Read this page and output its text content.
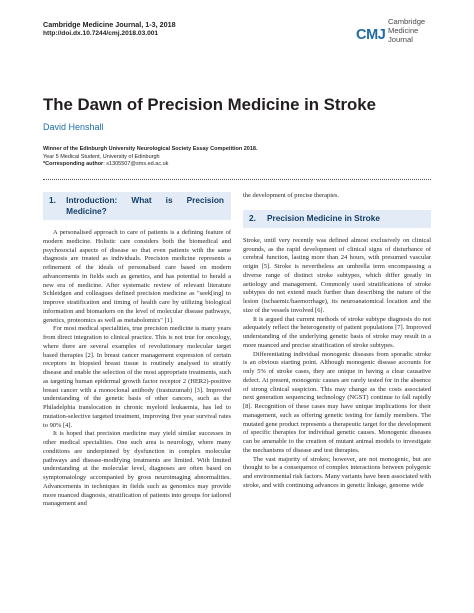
Cambridge Medicine Journal, 1-3, 2018
http://doi.dx.10.7244/cmj.2018.03.001	CMJ
Cambridge
Medicine
Journal
The Dawn of Precision Medicine in Stroke
David Henshall
Winner of the Edinburgh University Neurological Society Essay Competition 2018.
Year 5 Medical Student, University of Edinburgh
*Corresponding author: s1305507@sms.ed.ac.uk
1.	Introduction: What is Precision Medicine?

A personalised approach to care of patients is a defining feature of modern medicine. Holistic care considers both the biomedical and psychosocial aspects of disease so that even patients with the same diagnosis are treated as individuals. Precision medicine represents a refinement of the ideals of personalised care based on modern advancements in fields such as genetics, and has potential to herald a new era of medicine. After systematic review of relevant literature Schleidgen and colleagues defined precision medicine as "seek[ing] to improve stratification and timing of health care by utilizing biological information and biomarkers on the level of molecular disease pathways, genetics, proteomics as well as metabolomics" [1].

For most medical specialities, true precision medicine is many years from direct integration to clinical practice. This is not true for oncology, where there are several examples of revolutionary molecular target based therapies [2]. In breast cancer management expression of certain receptors in biopsied breast tissue is routinely analysed to stratify disease and enable the selection of the most appropriate treatments, such as targeting human epidermal growth factor receptor 2 (HER2)-positive breast cancer with a monoclonal antibody (trastuzumab) [3]. Improved understanding of the genetic basis of other cancers, such as the Philadelphia translocation in chronic myeloid leukaemia, has led to mutation-selective targeted treatment, improving five year survival rates to 90% [4].

It is hoped that precision medicine may yield similar successes in other medical specialities. One such area is neurology, where many conditions are underpinned by dysfunction in complex molecular pathways and disease-modifying treatments are limited. With limited understanding at the molecular level, diagnoses are often based on symptomatology accompanied by gross neuroimaging abnormalities. Advancements in techniques in fields such as genomics may provide more nuanced diagnosis, stratification of patients into groups for tailored management and

the development of precise therapies.

2.	Precision Medicine in Stroke

Stroke, until very recently was defined almost exclusively on clinical grounds, as the rapid development of clinical signs of disturbance of cerebral function, lasting more than 24 hours, with presumed vascular origin [5]. Stroke is nevertheless an umbrella term encompassing a diverse range of distinct stroke subtypes, which differ greatly in aetiology and management. Commonly used stratifications of stroke subtypes do not extend much further than describing the nature of the lesion (ischaemic/haemorrhage), its neuroanatomical location and the size of the vessels involved [6].

It is argued that current methods of stroke subtype diagnosis do not adequately reflect the heterogeneity of patient populations [7]. Improved understanding of the underlying genetic basis of stroke may result in a more nuanced and precise stratification of stroke subtypes.

Differentiating individual monogenic diseases from sporadic stroke is an obvious starting point. Although monogenic disease accounts for only 5% of stroke cases, they are unique in having a clear causative defect. At present, monogenic causes are rarely tested for in the absence of strong clinical suspicion. This may change as the costs associated next generation sequencing technology (NGST) continue to fall rapidly [8]. Recognition of these cases may have unique implications for their management, such as offering genetic testing for family members. The mutated gene product represents a therapeutic target for the development of specific therapies for individual genetic causes. Monogenic diseases can be amenable to the creation of mutant animal models to investigate the mechanisms of disease and test therapies.

The vast majority of strokes; however, are not monogenic, but are thought to be a consequence of complex interactions between polygenic and environmental risk factors. Many variants have been associated with stroke, and with continuing advances in genetic linkage, genome wide
